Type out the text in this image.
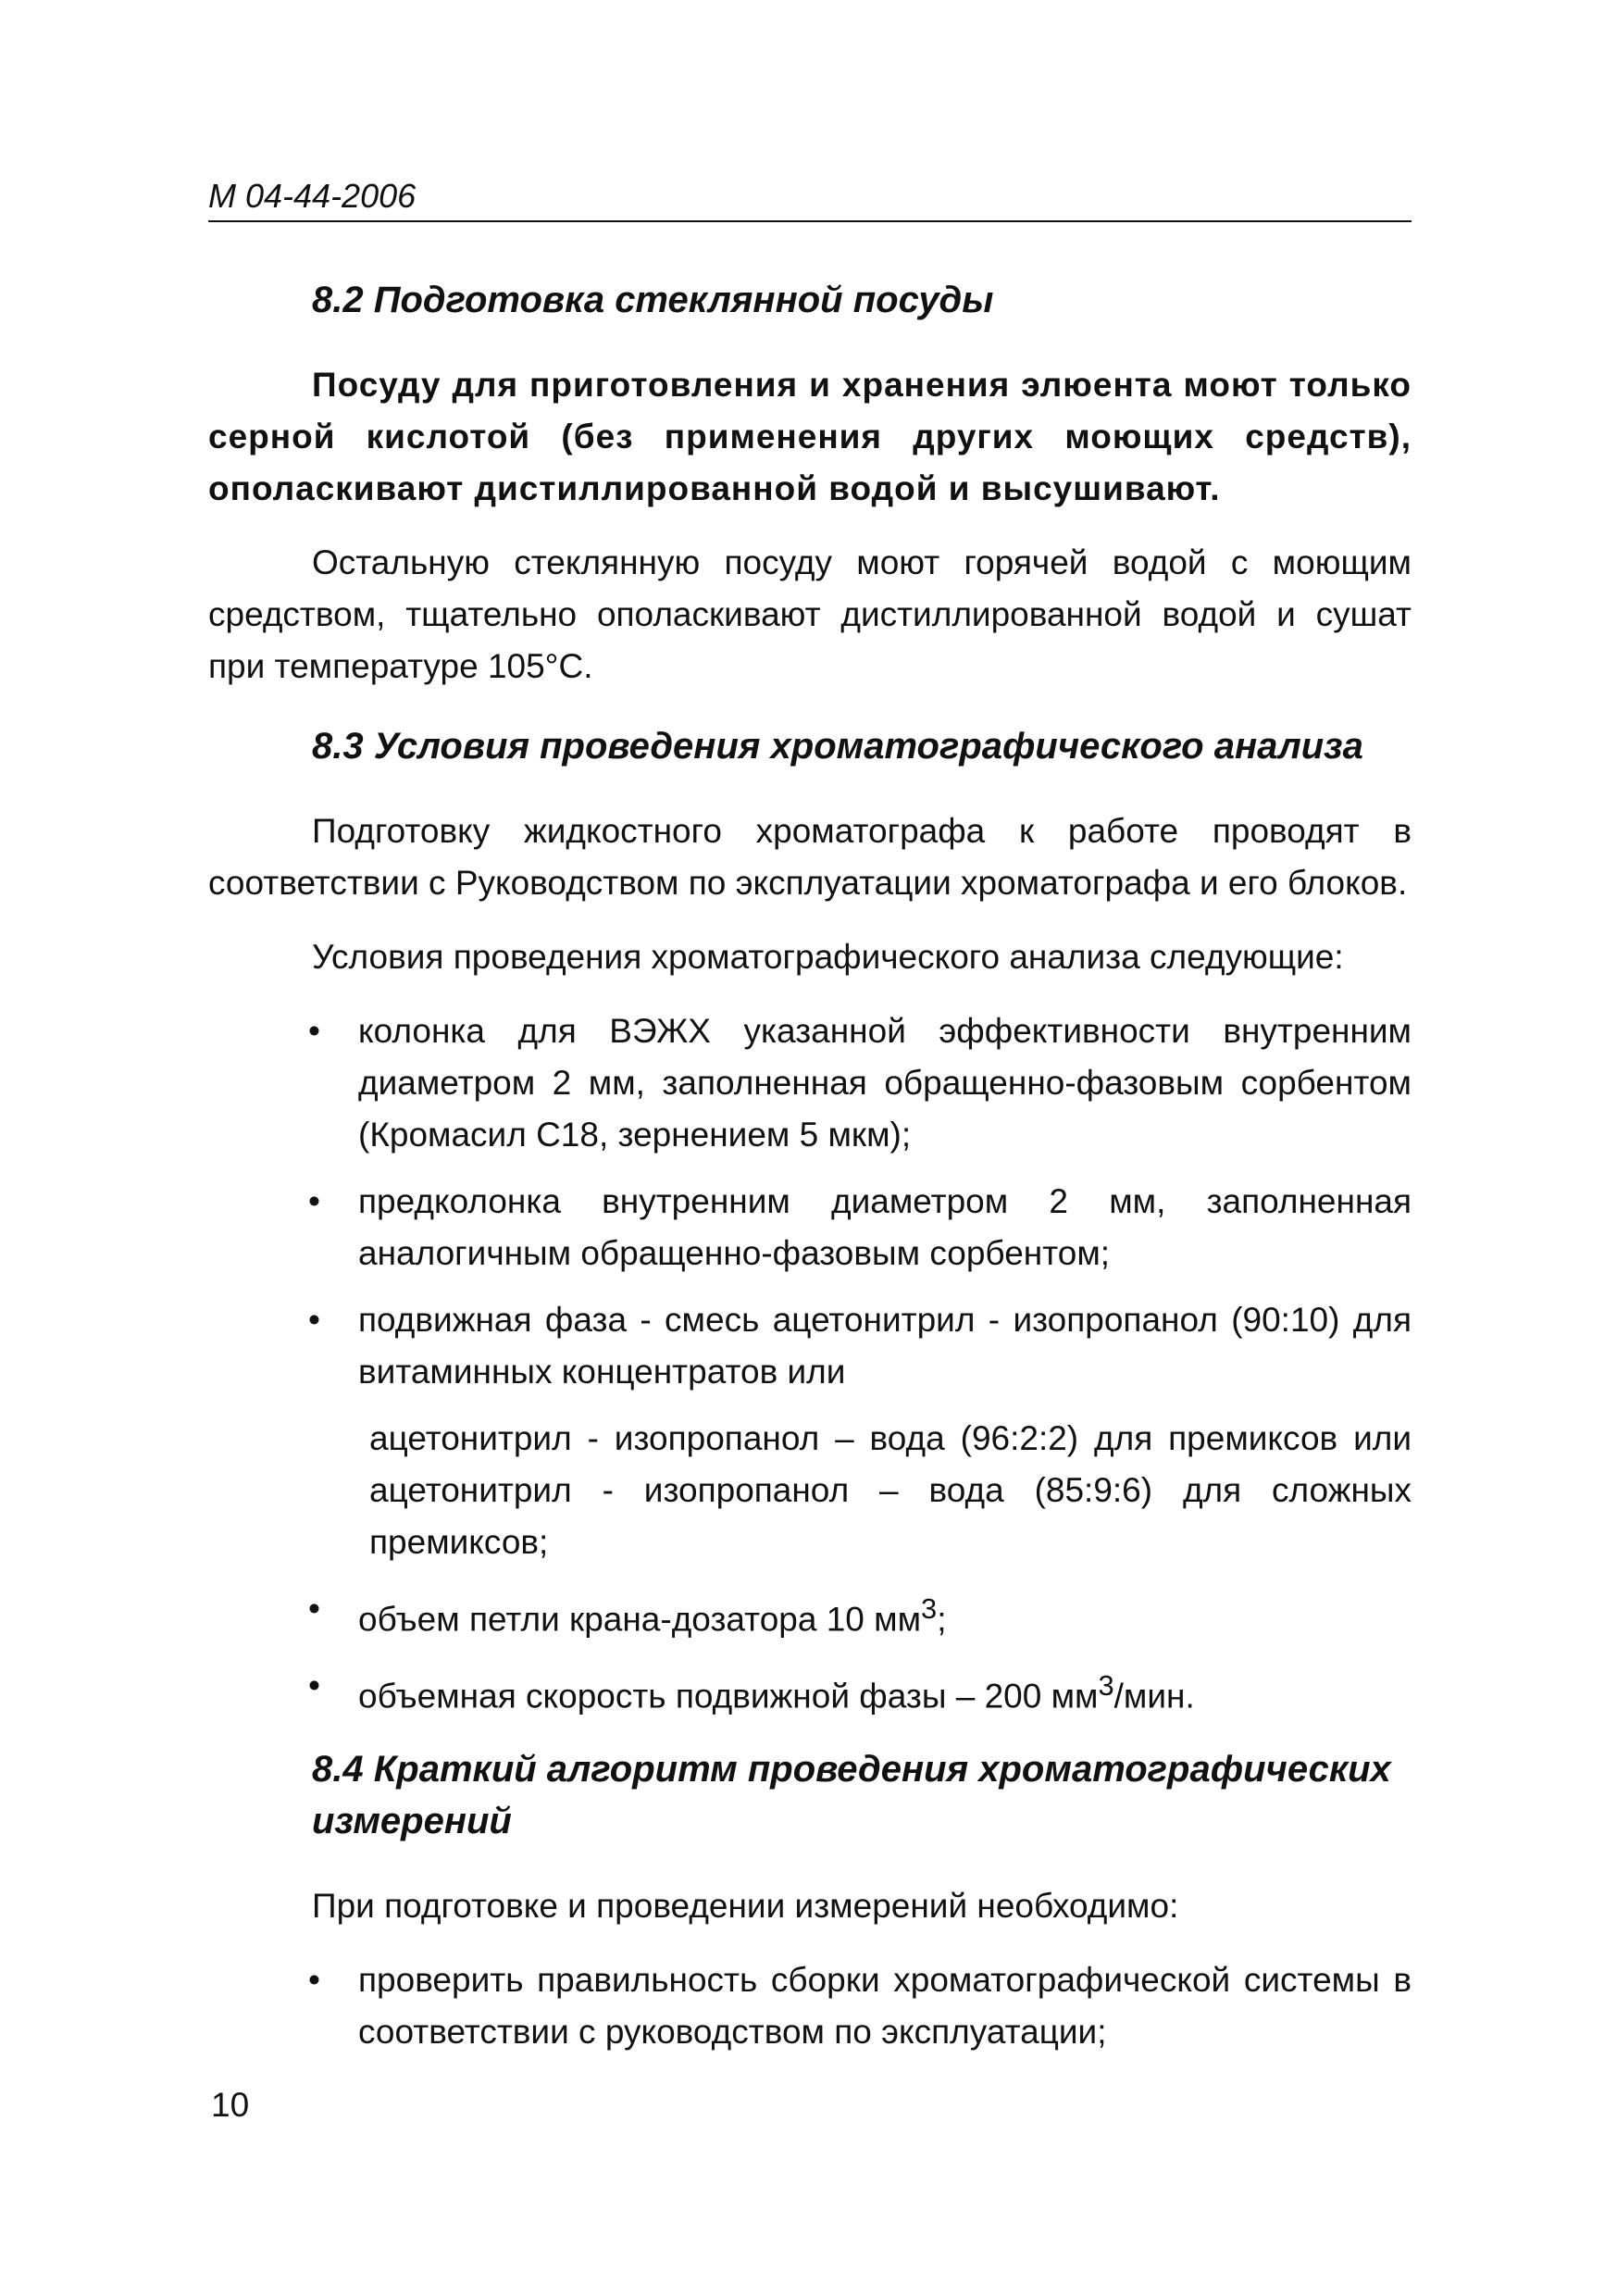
М 04-44-2006
8.2 Подготовка стеклянной посуды

Посуду для приготовления и хранения элюента моют только серной кислотой (без применения других моющих средств), ополаскивают дистиллированной водой и высушивают.

Остальную стеклянную посуду моют горячей водой с моющим средством, тщательно ополаскивают дистиллированной водой и сушат при температуре 105°С.

8.3 Условия проведения хроматографического анализа

Подготовку жидкостного хроматографа к работе проводят в соответствии с Руководством по эксплуатации хроматографа и его блоков.

Условия проведения хроматографического анализа следующие:

• колонка для ВЭЖХ указанной эффективности внутренним диаметром 2 мм, заполненная обращенно-фазовым сорбентом (Кромасил С18, зернением 5 мкм);
• предколонка внутренним диаметром 2 мм, заполненная аналогичным обращенно-фазовым сорбентом;
• подвижная фаза - смесь ацетонитрил - изопропанол (90:10) для витаминных концентратов или
ацетонитрил - изопропанол – вода (96:2:2) для премиксов или ацетонитрил - изопропанол – вода (85:9:6) для сложных премиксов;
• объем петли крана-дозатора 10 $мм^3$;
• объемная скорость подвижной фазы – 200 $мм^3$/мин.
8.4 Краткий алгоритм проведения хроматографических измерений

При подготовке и проведении измерений необходимо:

• проверить правильность сборки хроматографической системы в соответствии с руководством по эксплуатации;
10
